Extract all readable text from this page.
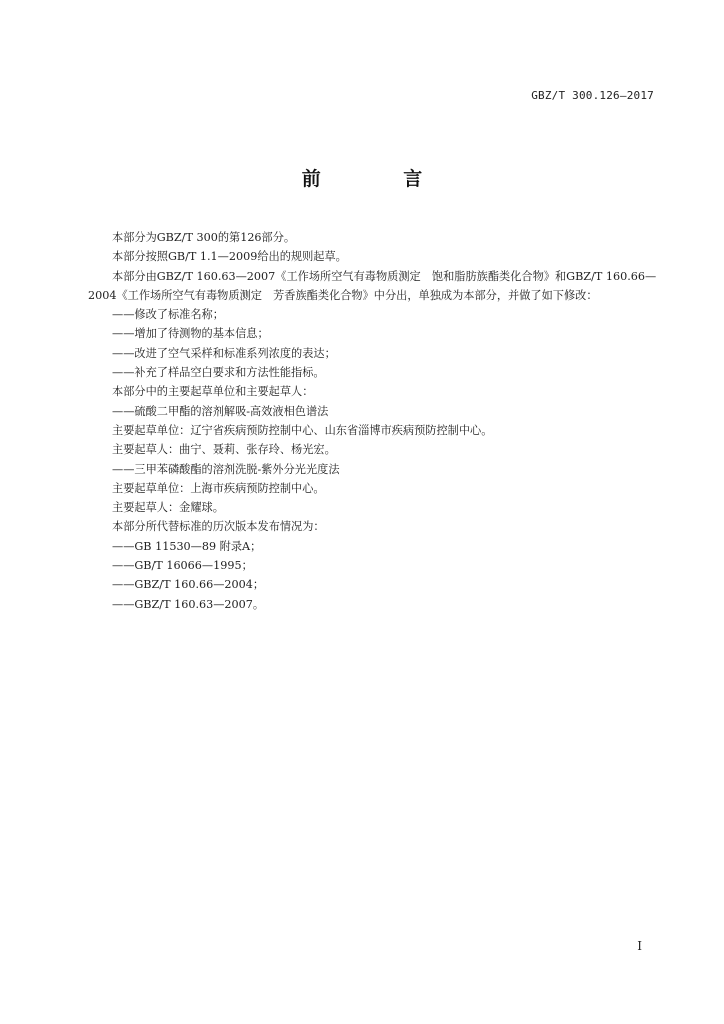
GBZ/T 300.126—2017
前 言

本部分为GBZ/T 300的第126部分。

本部分按照GB/T 1.1—2009给出的规则起草。

本部分由GBZ/T 160.63—2007《工作场所空气有毒物质测定　饱和脂肪族酯类化合物》和GBZ/T 160.66—2004《工作场所空气有毒物质测定　芳香族酯类化合物》中分出，单独成为本部分，并做了如下修改：

——修改了标准名称；

——增加了待测物的基本信息；

——改进了空气采样和标准系列浓度的表达；

——补充了样品空白要求和方法性能指标。

本部分中的主要起草单位和主要起草人：

——硫酸二甲酯的溶剂解吸-高效液相色谱法

主要起草单位：辽宁省疾病预防控制中心、山东省淄博市疾病预防控制中心。

主要起草人：曲宁、聂莉、张存玲、杨光宏。

——三甲苯磷酸酯的溶剂洗脱-紫外分光光度法

主要起草单位：上海市疾病预防控制中心。

主要起草人：金耀球。

本部分所代替标准的历次版本发布情况为：

——GB 11530—89 附录A；

——GB/T 16066—1995；

——GBZ/T 160.66—2004；

——GBZ/T 160.63—2007。

I
